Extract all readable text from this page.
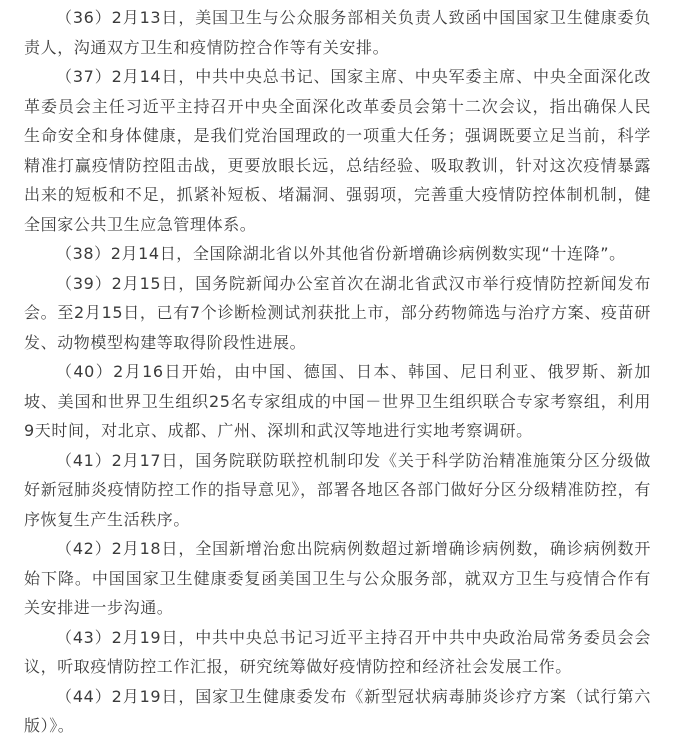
（36）2月13日，美国卫生与公众服务部相关负责人致函中国国家卫生健康委负责人，沟通双方卫生和疫情防控合作等有关安排。

（37）2月14日，中共中央总书记、国家主席、中央军委主席、中央全面深化改革委员会主任习近平主持召开中央全面深化改革委员会第十二次会议，指出确保人民生命安全和身体健康，是我们党治国理政的一项重大任务；强调既要立足当前，科学精准打赢疫情防控阻击战，更要放眼长远，总结经验、吸取教训，针对这次疫情暴露出来的短板和不足，抓紧补短板、堵漏洞、强弱项，完善重大疫情防控体制机制，健全国家公共卫生应急管理体系。

（38）2月14日，全国除湖北省以外其他省份新增确诊病例数实现“十连降”。

（39）2月15日，国务院新闻办公室首次在湖北省武汉市举行疫情防控新闻发布会。至2月15日，已有7个诊断检测试剂获批上市，部分药物筛选与治疗方案、疫苗研发、动物模型构建等取得阶段性进展。

（40）2月16日开始，由中国、德国、日本、韩国、尼日利亚、俄罗斯、新加坡、美国和世界卫生组织25名专家组成的中国－世界卫生组织联合专家考察组，利用9天时间，对北京、成都、广州、深圳和武汉等地进行实地考察调研。

（41）2月17日，国务院联防联控机制印发《关于科学防治精准施策分区分级做好新冠肺炎疫情防控工作的指导意见》，部署各地区各部门做好分区分级精准防控，有序恢复生产生活秩序。

（42）2月18日，全国新增治愈出院病例数超过新增确诊病例数，确诊病例数开始下降。中国国家卫生健康委复函美国卫生与公众服务部，就双方卫生与疫情合作有关安排进一步沟通。

（43）2月19日，中共中央总书记习近平主持召开中共中央政治局常务委员会会议，听取疫情防控工作汇报，研究统筹做好疫情防控和经济社会发展工作。

（44）2月19日，国家卫生健康委发布《新型冠状病毒肺炎诊疗方案（试行第六版）》。
